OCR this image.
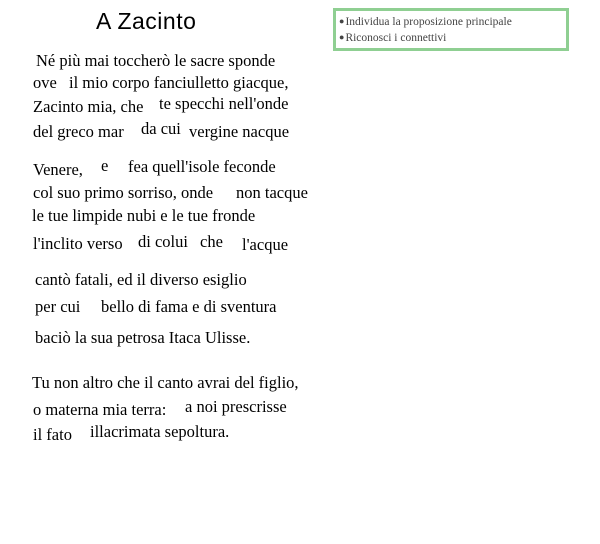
A Zacinto	●Individua la proposizione principale
●Riconosci i connettivi
Né più mai toccherò le sacre sponde
ove il mio corpo fanciulletto giacque,
Zacinto mia, che te specchi nell'onde
del greco mar da cui vergine nacque
Venere, e fea quell'isole feconde
col suo primo sorriso, onde non tacque
le tue limpide nubi e le tue fronde
l'inclito verso di colui che l'acque
cantò fatali, ed il diverso esiglio
per cui bello di fama e di sventura
baciò la sua petrosa Itaca Ulisse.
Tu non altro che il canto avrai del figlio,
o materna mia terra: a noi prescrisse
il fato illacrimata sepoltura.
